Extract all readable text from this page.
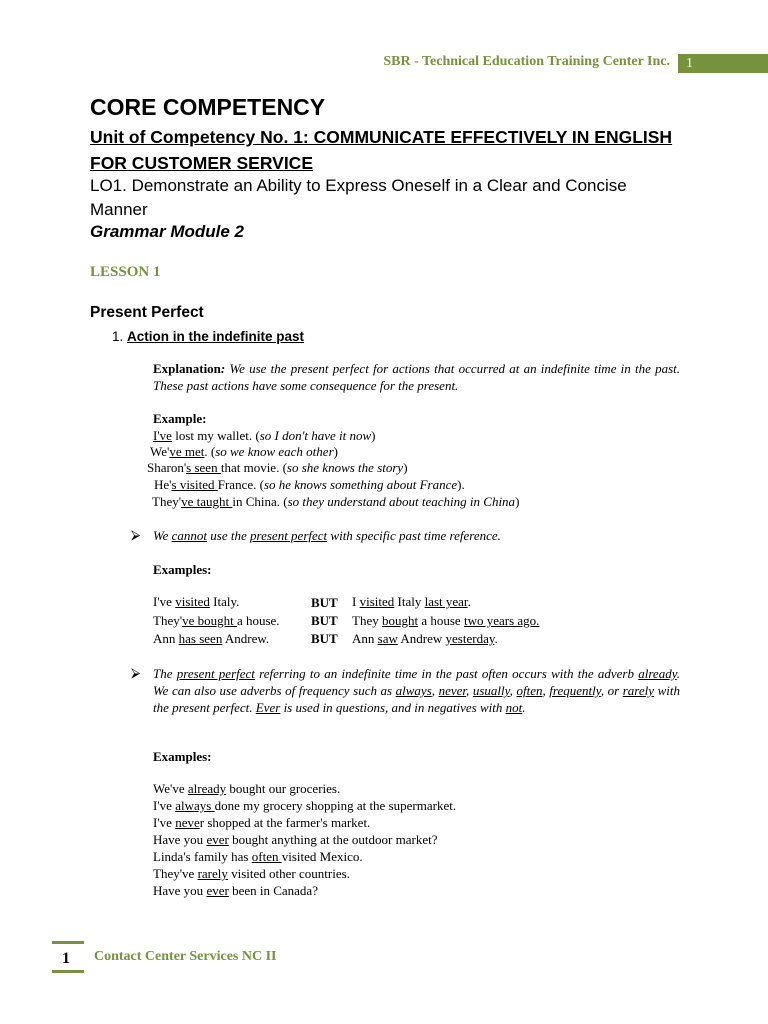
SBR - Technical Education Training Center Inc.	1
CORE COMPETENCY
Unit of Competency No. 1: COMMUNICATE EFFECTIVELY IN ENGLISH FOR CUSTOMER SERVICE
LO1. Demonstrate an Ability to Express Oneself in a Clear and Concise Manner
Grammar Module 2
LESSON 1
Present Perfect
1. Action in the indefinite past
Explanation: We use the present perfect for actions that occurred at an indefinite time in the past. These past actions have some consequence for the present.
Example:
I've lost my wallet. (so I don't have it now)
We've met. (so we know each other)
Sharon's seen that movie. (so she knows the story)
He's visited France. (so he knows something about France).
They've taught in China. (so they understand about teaching in China)
⮚ We cannot use the present perfect with specific past time reference.
Examples:
I've visited Italy.	BUT I visited Italy last year.
They've bought a house. BUT They bought a house two years ago.
Ann has seen Andrew.	BUT Ann saw Andrew yesterday.
⮚ The present perfect referring to an indefinite time in the past often occurs with the adverb already. We can also use adverbs of frequency such as always, never, usually, often, frequently, or rarely with the present perfect. Ever is used in questions, and in negatives with not.
Examples:
We've already bought our groceries.
I've always done my grocery shopping at the supermarket.
I've never shopped at the farmer's market.
Have you ever bought anything at the outdoor market?
Linda's family has often visited Mexico.
They've rarely visited other countries.
Have you ever been in Canada?
1 Contact Center Services NC II
